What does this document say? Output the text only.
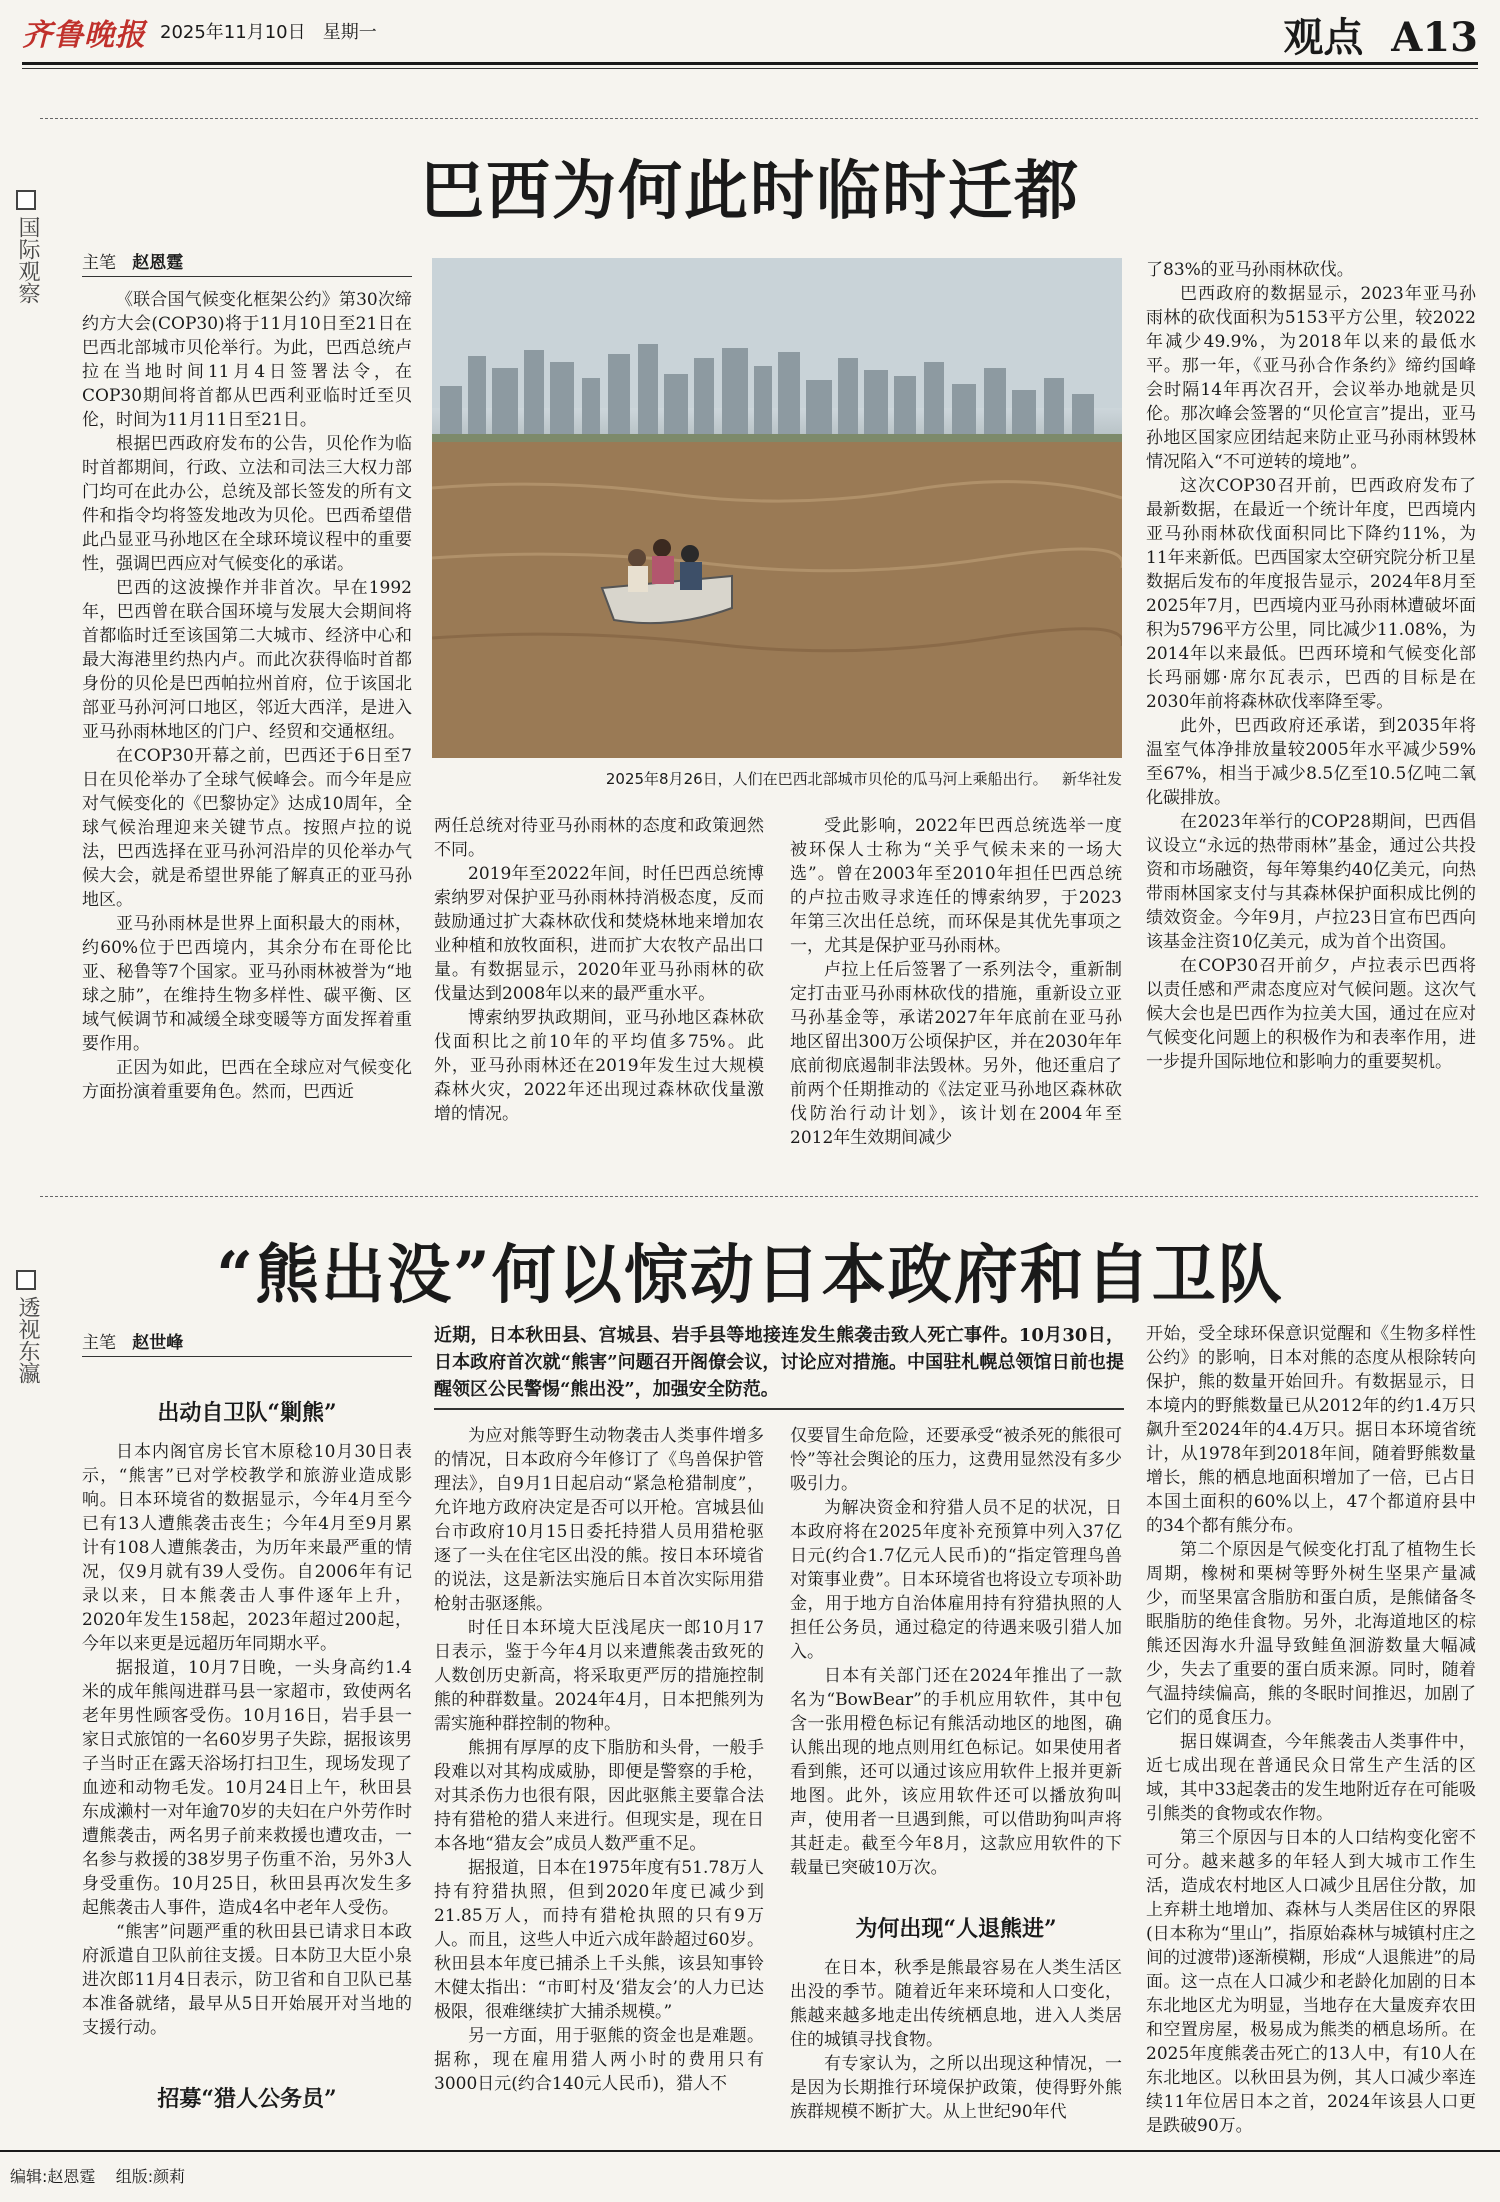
齐鲁晚报 2025年11月10日 星期一	观点 A13
国际观察
巴西为何此时临时迁都
主笔 赵恩霆

《联合国气候变化框架公约》第30次缔约方大会(COP30)将于11月10日至21日在巴西北部城市贝伦举行。为此，巴西总统卢拉在当地时间11月4日签署法令，在COP30期间将首都从巴西利亚临时迁至贝伦，时间为11月11日至21日。

根据巴西政府发布的公告，贝伦作为临时首都期间，行政、立法和司法三大权力部门均可在此办公，总统及部长签发的所有文件和指令均将签发地改为贝伦。巴西希望借此凸显亚马孙地区在全球环境议程中的重要性，强调巴西应对气候变化的承诺。

巴西的这波操作并非首次。早在1992年，巴西曾在联合国环境与发展大会期间将首都临时迁至该国第二大城市、经济中心和最大海港里约热内卢。而此次获得临时首都身份的贝伦是巴西帕拉州首府，位于该国北部亚马孙河河口地区，邻近大西洋，是进入亚马孙雨林地区的门户、经贸和交通枢纽。

在COP30开幕之前，巴西还于6日至7日在贝伦举办了全球气候峰会。而今年是应对气候变化的《巴黎协定》达成10周年，全球气候治理迎来关键节点。按照卢拉的说法，巴西选择在亚马孙河沿岸的贝伦举办气候大会，就是希望世界能了解真正的亚马孙地区。

亚马孙雨林是世界上面积最大的雨林，约60%位于巴西境内，其余分布在哥伦比亚、秘鲁等7个国家。亚马孙雨林被誉为“地球之肺”，在维持生物多样性、碳平衡、区域气候调节和减缓全球变暖等方面发挥着重要作用。

正因为如此，巴西在全球应对气候变化方面扮演着重要角色。然而，巴西近

2025年8月26日，人们在巴西北部城市贝伦的瓜马河上乘船出行。 新华社发

两任总统对待亚马孙雨林的态度和政策迥然不同。

2019年至2022年间，时任巴西总统博索纳罗对保护亚马孙雨林持消极态度，反而鼓励通过扩大森林砍伐和焚烧林地来增加农业种植和放牧面积，进而扩大农牧产品出口量。有数据显示，2020年亚马孙雨林的砍伐量达到2008年以来的最严重水平。

博索纳罗执政期间，亚马孙地区森林砍伐面积比之前10年的平均值多75%。此外，亚马孙雨林还在2019年发生过大规模森林火灾，2022年还出现过森林砍伐量激增的情况。

受此影响，2022年巴西总统选举一度被环保人士称为“关乎气候未来的一场大选”。曾在2003年至2010年担任巴西总统的卢拉击败寻求连任的博索纳罗，于2023年第三次出任总统，而环保是其优先事项之一，尤其是保护亚马孙雨林。

卢拉上任后签署了一系列法令，重新制定打击亚马孙雨林砍伐的措施，重新设立亚马孙基金等，承诺2027年年底前在亚马孙地区留出300万公顷保护区，并在2030年年底前彻底遏制非法毁林。另外，他还重启了前两个任期推动的《法定亚马孙地区森林砍伐防治行动计划》，该计划在2004年至2012年生效期间减少

了83%的亚马孙雨林砍伐。

巴西政府的数据显示，2023年亚马孙雨林的砍伐面积为5153平方公里，较2022年减少49.9%，为2018年以来的最低水平。那一年，《亚马孙合作条约》缔约国峰会时隔14年再次召开，会议举办地就是贝伦。那次峰会签署的“贝伦宣言”提出，亚马孙地区国家应团结起来防止亚马孙雨林毁林情况陷入“不可逆转的境地”。

这次COP30召开前，巴西政府发布了最新数据，在最近一个统计年度，巴西境内亚马孙雨林砍伐面积同比下降约11%，为11年来新低。巴西国家太空研究院分析卫星数据后发布的年度报告显示，2024年8月至2025年7月，巴西境内亚马孙雨林遭破坏面积为5796平方公里，同比减少11.08%，为2014年以来最低。巴西环境和气候变化部长玛丽娜·席尔瓦表示，巴西的目标是在2030年前将森林砍伐率降至零。

此外，巴西政府还承诺，到2035年将温室气体净排放量较2005年水平减少59%至67%，相当于减少8.5亿至10.5亿吨二氧化碳排放。

在2023年举行的COP28期间，巴西倡议设立“永远的热带雨林”基金，通过公共投资和市场融资，每年筹集约40亿美元，向热带雨林国家支付与其森林保护面积成比例的绩效资金。今年9月，卢拉23日宣布巴西向该基金注资10亿美元，成为首个出资国。

在COP30召开前夕，卢拉表示巴西将以责任感和严肃态度应对气候问题。这次气候大会也是巴西作为拉美大国，通过在应对气候变化问题上的积极作为和表率作用，进一步提升国际地位和影响力的重要契机。

透视东瀛
“熊出没”何以惊动日本政府和自卫队
主笔 赵世峰	近期，日本秋田县、宫城县、岩手县等地接连发生熊袭击致人死亡事件。10月30日，日本政府首次就“熊害”问题召开阁僚会议，讨论应对措施。中国驻札幌总领馆日前也提醒领区公民警惕“熊出没”，加强安全防范。
出动自卫队“剿熊”

日本内阁官房长官木原稔10月30日表示，“熊害”已对学校教学和旅游业造成影响。日本环境省的数据显示，今年4月至今已有13人遭熊袭击丧生；今年4月至9月累计有108人遭熊袭击，为历年来最严重的情况，仅9月就有39人受伤。自2006年有记录以来，日本熊袭击人事件逐年上升，2020年发生158起，2023年超过200起，今年以来更是远超历年同期水平。

据报道，10月7日晚，一头身高约1.4米的成年熊闯进群马县一家超市，致使两名老年男性顾客受伤。10月16日，岩手县一家日式旅馆的一名60岁男子失踪，据报该男子当时正在露天浴场打扫卫生，现场发现了血迹和动物毛发。10月24日上午，秋田县东成濑村一对年逾70岁的夫妇在户外劳作时遭熊袭击，两名男子前来救援也遭攻击，一名参与救援的38岁男子伤重不治，另外3人身受重伤。10月25日，秋田县再次发生多起熊袭击人事件，造成4名中老年人受伤。

“熊害”问题严重的秋田县已请求日本政府派遣自卫队前往支援。日本防卫大臣小泉进次郎11月4日表示，防卫省和自卫队已基本准备就绪，最早从5日开始展开对当地的支援行动。

招募“猎人公务员”

为应对熊等野生动物袭击人类事件增多的情况，日本政府今年修订了《鸟兽保护管理法》，自9月1日起启动“紧急枪猎制度”，允许地方政府决定是否可以开枪。宫城县仙台市政府10月15日委托持猎人员用猎枪驱逐了一头在住宅区出没的熊。按日本环境省的说法，这是新法实施后日本首次实际用猎枪射击驱逐熊。

时任日本环境大臣浅尾庆一郎10月17日表示，鉴于今年4月以来遭熊袭击致死的人数创历史新高，将采取更严厉的措施控制熊的种群数量。2024年4月，日本把熊列为需实施种群控制的物种。

熊拥有厚厚的皮下脂肪和头骨，一般手段难以对其构成威胁，即便是警察的手枪，对其杀伤力也很有限，因此驱熊主要靠合法持有猎枪的猎人来进行。但现实是，现在日本各地“猎友会”成员人数严重不足。

据报道，日本在1975年度有51.78万人持有狩猎执照，但到2020年度已减少到21.85万人，而持有猎枪执照的只有9万人。而且，这些人中近六成年龄超过60岁。秋田县本年度已捕杀上千头熊，该县知事铃木健太指出：“市町村及‘猎友会’的人力已达极限，很难继续扩大捕杀规模。”

另一方面，用于驱熊的资金也是难题。据称，现在雇用猎人两小时的费用只有3000日元(约合140元人民币)，猎人不

仅要冒生命危险，还要承受“被杀死的熊很可怜”等社会舆论的压力，这费用显然没有多少吸引力。

为解决资金和狩猎人员不足的状况，日本政府将在2025年度补充预算中列入37亿日元(约合1.7亿元人民币)的“指定管理鸟兽对策事业费”。日本环境省也将设立专项补助金，用于地方自治体雇用持有狩猎执照的人担任公务员，通过稳定的待遇来吸引猎人加入。

日本有关部门还在2024年推出了一款名为“BowBear”的手机应用软件，其中包含一张用橙色标记有熊活动地区的地图，确认熊出现的地点则用红色标记。如果使用者看到熊，还可以通过该应用软件上报并更新地图。此外，该应用软件还可以播放狗叫声，使用者一旦遇到熊，可以借助狗叫声将其赶走。截至今年8月，这款应用软件的下载量已突破10万次。

为何出现“人退熊进”

在日本，秋季是熊最容易在人类生活区出没的季节。随着近年来环境和人口变化，熊越来越多地走出传统栖息地，进入人类居住的城镇寻找食物。

有专家认为，之所以出现这种情况，一是因为长期推行环境保护政策，使得野外熊族群规模不断扩大。从上世纪90年代

开始，受全球环保意识觉醒和《生物多样性公约》的影响，日本对熊的态度从根除转向保护，熊的数量开始回升。有数据显示，日本境内的野熊数量已从2012年的约1.4万只飙升至2024年的4.4万只。据日本环境省统计，从1978年到2018年间，随着野熊数量增长，熊的栖息地面积增加了一倍，已占日本国土面积的60%以上，47个都道府县中的34个都有熊分布。

第二个原因是气候变化打乱了植物生长周期，橡树和栗树等野外树生坚果产量减少，而坚果富含脂肪和蛋白质，是熊储备冬眠脂肪的绝佳食物。另外，北海道地区的棕熊还因海水升温导致鲑鱼洄游数量大幅减少，失去了重要的蛋白质来源。同时，随着气温持续偏高，熊的冬眠时间推迟，加剧了它们的觅食压力。

据日媒调查，今年熊袭击人类事件中，近七成出现在普通民众日常生产生活的区域，其中33起袭击的发生地附近存在可能吸引熊类的食物或农作物。

第三个原因与日本的人口结构变化密不可分。越来越多的年轻人到大城市工作生活，造成农村地区人口减少且居住分散，加上弃耕土地增加、森林与人类居住区的界限(日本称为“里山”，指原始森林与城镇村庄之间的过渡带)逐渐模糊，形成“人退熊进”的局面。这一点在人口减少和老龄化加剧的日本东北地区尤为明显，当地存在大量废弃农田和空置房屋，极易成为熊类的栖息场所。在2025年度熊袭击死亡的13人中，有10人在东北地区。以秋田县为例，其人口减少率连续11年位居日本之首，2024年该县人口更是跌破90万。

编辑:赵恩霆 组版:颜莉
